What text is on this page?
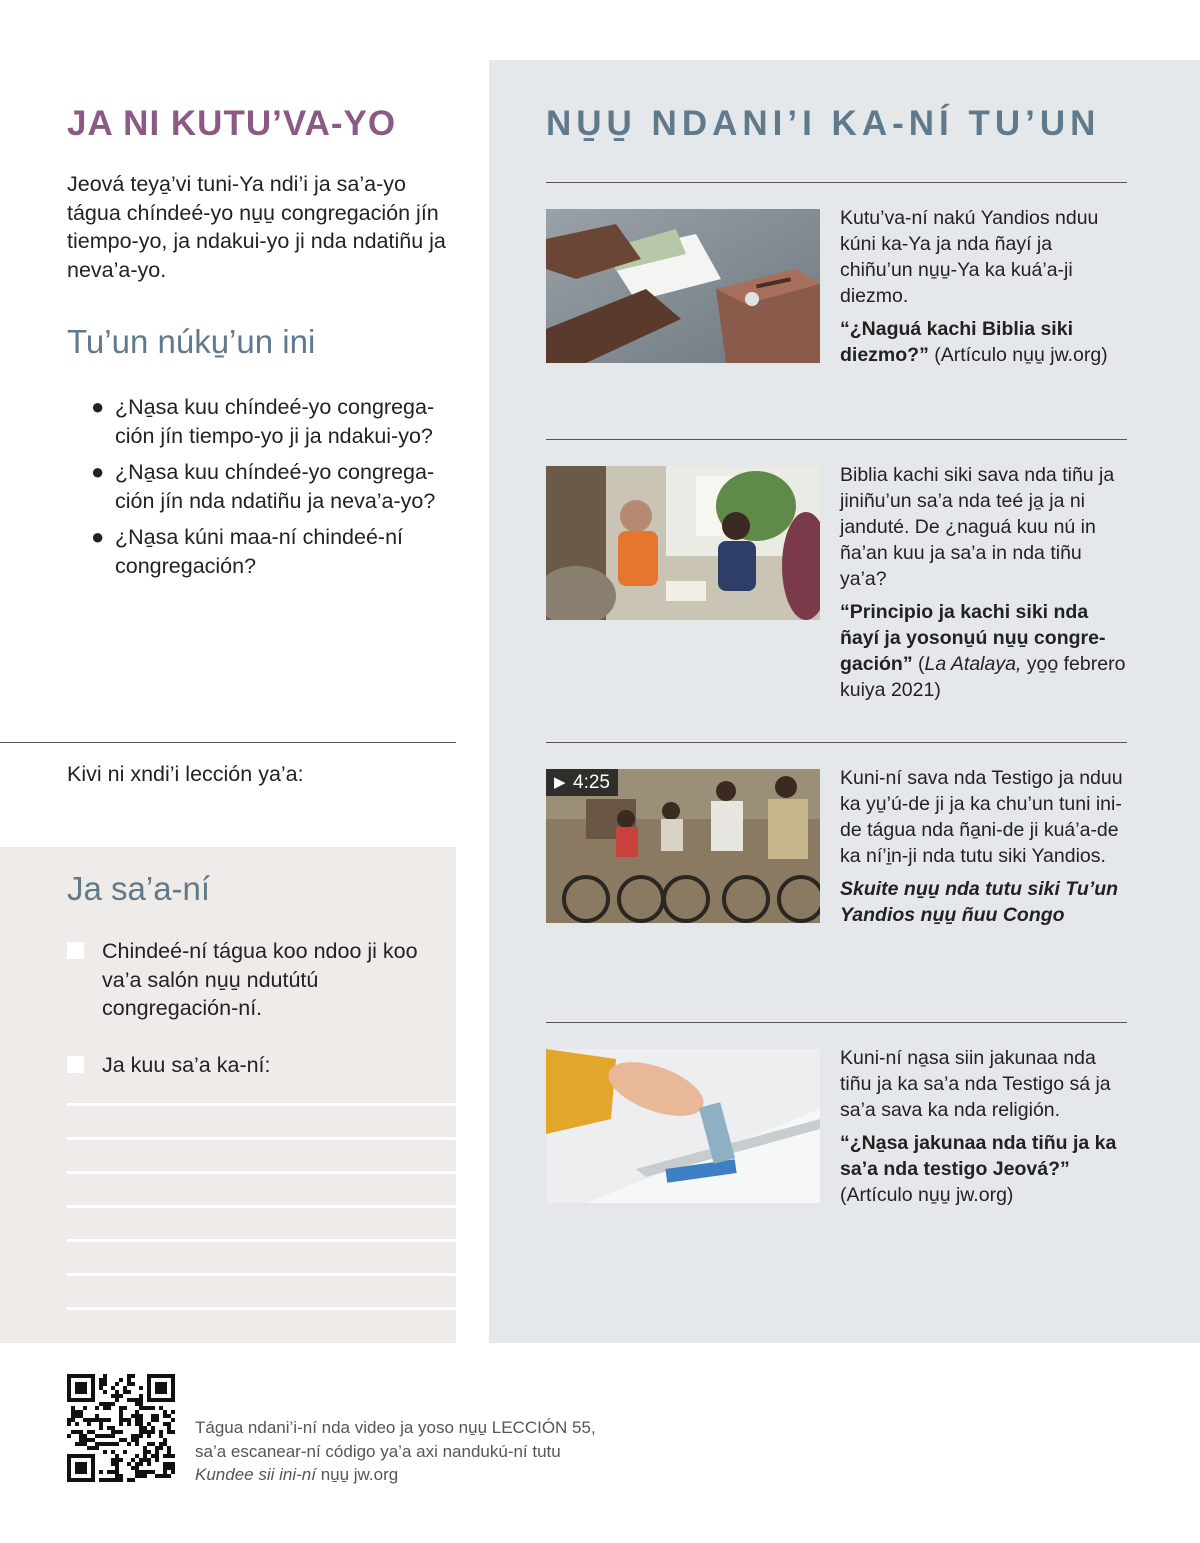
JA NI KUTU’VA-YO
Jeová teya̱’vi tuni-Ya ndi’i ja sa’a-yo tágua chíndeé-yo nu̱u̱ congregación jín tiempo-yo, ja ndakui-yo ji nda ndatiñu ja neva’a-yo.
Tu’un núku̱’un ini
● ¿Na̱sa kuu chíndeé-yo congrega-ción jín tiempo-yo ji ja ndakui-yo?
● ¿Na̱sa kuu chíndeé-yo congrega-ción jín nda ndatiñu ja neva’a-yo?
● ¿Na̱sa kúni maa-ní chindeé-ní congregación?
Kivi ni xndi’i lección ya’a:
Ja sa’a-ní
Chindeé-ní tágua koo ndoo ji koo va’a salón nu̱u̱ ndutútú congregación-ní.
Ja kuu sa’a ka-ní:
NU̱U̱ NDANI’I KA-NÍ TU’UN

Kutu’va-ní nakú Yandios nduu kúni ka-Ya ja nda ñayí ja chiñu’un nu̱u̱-Ya ka kuá’a-ji diezmo.

“¿Naguá kachi Biblia siki diezmo?” (Artículo nu̱u̱ jw.org)

Biblia kachi siki sava nda tiñu ja jiniñu’un sa’a nda teé ja̱ ja ni janduté. De ¿naguá kuu nú in ña’an kuu ja sa’a in nda tiñu ya’a?

“Principio ja kachi siki nda ñayí ja yosonu̱ú nu̱u̱ congre-gación” (La Atalaya, yo̱o̱ febrero kuiya 2021)

▶ 4:25	Kuni-ní sava nda Testigo ja nduu ka yu̱’ú-de ji ja ka chu’un tuni ini-de tágua nda ña̱ni-de ji kuá’a-de ka ní’i̱n-ji nda tutu siki Yandios.

Skuite nu̱u̱ nda tutu siki Tu’un Yandios nu̱u̱ ñuu Congo

Kuni-ní na̱sa siin jakunaa nda tiñu ja ka sa’a nda Testigo sá ja sa’a sava ka nda religión.

“¿Na̱sa jakunaa nda tiñu ja ka sa’a nda testigo Jeová?”

(Artículo nu̱u̱ jw.org)

Tágua ndani’i-ní nda video ja yoso nu̱u̱ LECCIÓN 55,
sa’a escanear-ní código ya’a axi nandukú-ní tutu
Kundee sii ini-ní nu̱u̱ jw.org
